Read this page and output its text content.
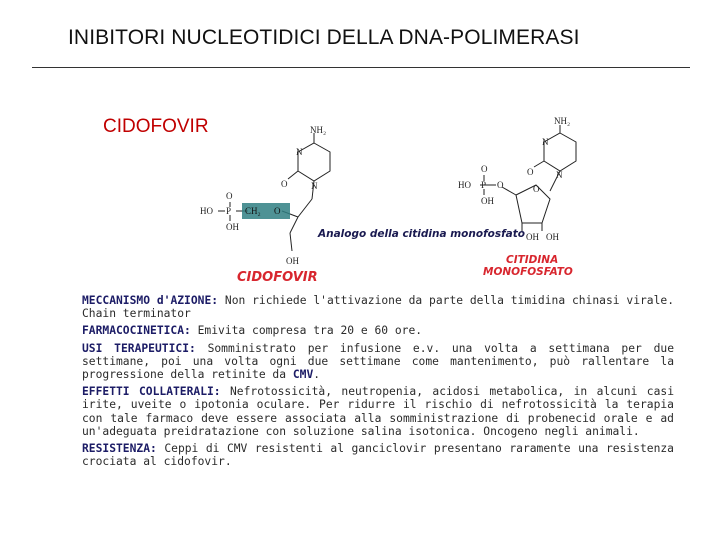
INIBITORI NUCLEOTIDICI DELLA DNA-POLIMERASI
CIDOFOVIR	NH₂
N
N
O
O
P
HO	CH₂ O
OH
OH
NH₂
N
N
O
O
P
HO	O
OH
O
OH OH
Analogo della citidina monofosfato
CIDOFOVIR
CITIDINA
MONOFOSFATO

MECCANISMO d'AZIONE: Non richiede l'attivazione da parte della timidina chinasi virale. Chain terminator

FARMACOCINETICA: Emivita compresa tra 20 e 60 ore.

USI TERAPEUTICI: Somministrato per infusione e.v. una volta a settimana per due settimane, poi una volta ogni due settimane come mantenimento, può rallentare la progressione della retinite da CMV.

EFFETTI COLLATERALI: Nefrotossicità, neutropenia, acidosi metabolica, in alcuni casi irite, uveite o ipotonia oculare. Per ridurre il rischio di nefrotossicità la terapia con tale farmaco deve essere associata alla somministrazione di probenecid orale e ad un'adeguata preidratazione con soluzione salina isotonica. Oncogeno negli animali.

RESISTENZA: Ceppi di CMV resistenti al ganciclovir presentano raramente una resistenza crociata al cidofovir.
